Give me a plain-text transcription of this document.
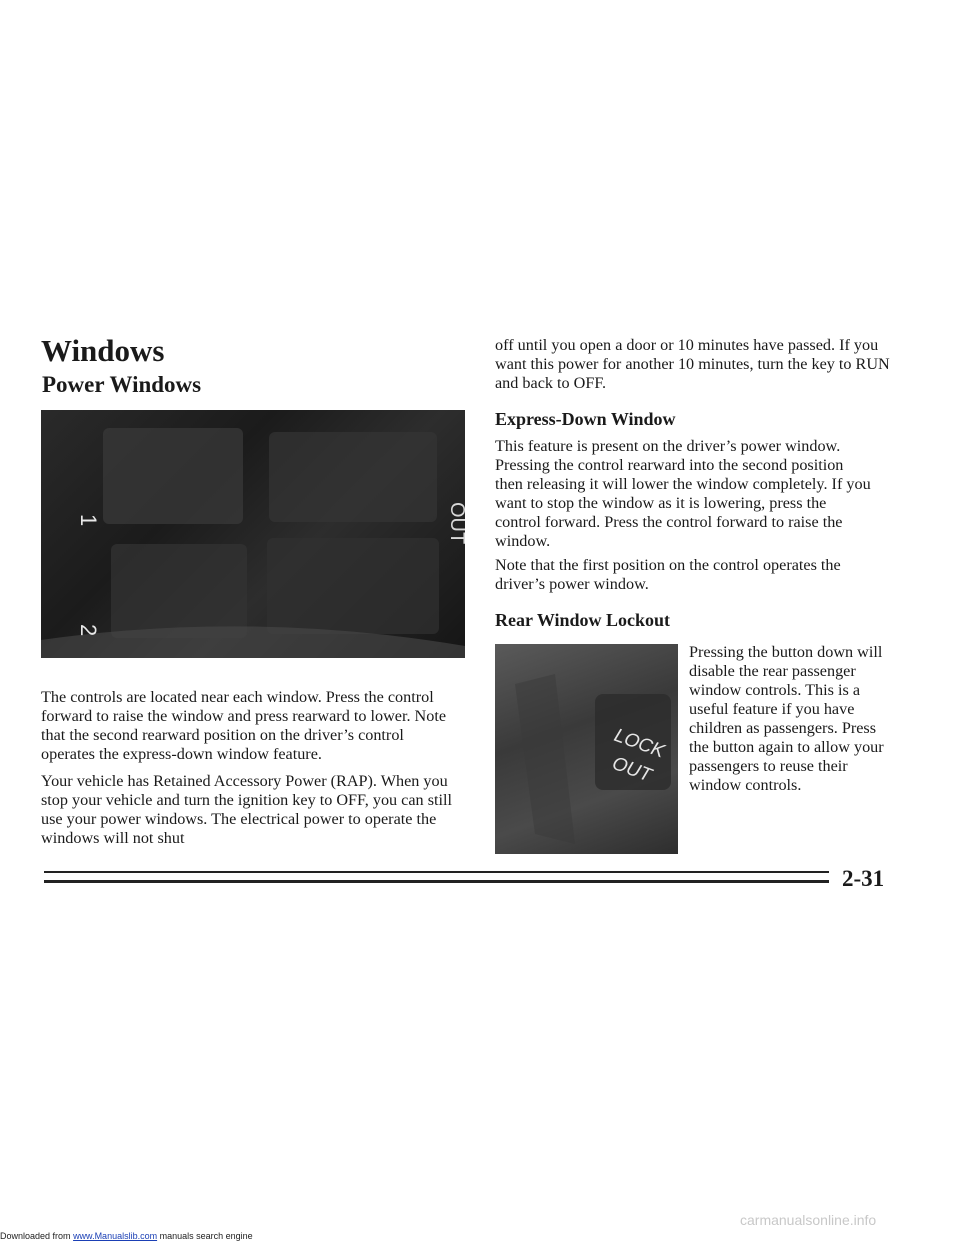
Windows
Power Windows
1
2
OUT

The controls are located near each window. Press the control forward to raise the window and press rearward to lower. Note that the second rearward position on the driver’s control operates the express-down window feature.

Your vehicle has Retained Accessory Power (RAP). When you stop your vehicle and turn the ignition key to OFF, you can still use your power windows. The electrical power to operate the windows will not shut

off until you open a door or 10 minutes have passed. If you want this power for another 10 minutes, turn the key to RUN and back to OFF.

Express-Down Window

This feature is present on the driver’s power window. Pressing the control rearward into the second position then releasing it will lower the window completely. If you want to stop the window as it is lowering, press the control forward. Press the control forward to raise the window.

Note that the first position on the control operates the driver’s power window.

Rear Window Lockout
LOCK
OUT

Pressing the button down will disable the rear passenger window controls. This is a useful feature if you have children as passengers. Press the button again to allow your passengers to reuse their window controls.

2-31

carmanualsonline.info
Downloaded from www.Manualslib.com manuals search engine
